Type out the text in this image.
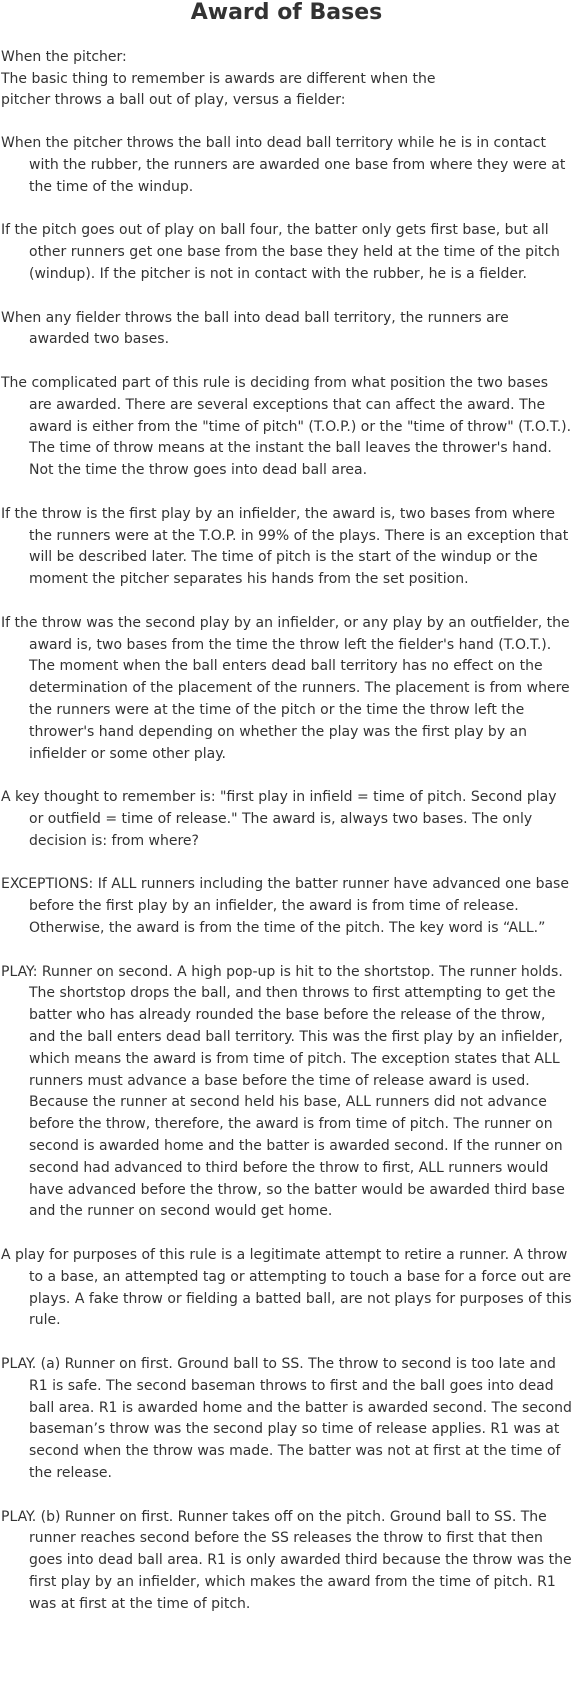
Award of Bases
When the pitcher:
The basic thing to remember is awards are different when the
pitcher throws a ball out of play, versus a fielder:

When the pitcher throws the ball into dead ball territory while he is in contact with the rubber, the runners are awarded one base from where they were at the time of the windup.

If the pitch goes out of play on ball four, the batter only gets first base, but all other runners get one base from the base they held at the time of the pitch (windup). If the pitcher is not in contact with the rubber, he is a fielder.

When any fielder throws the ball into dead ball territory, the runners are awarded two bases.

The complicated part of this rule is deciding from what position the two bases are awarded. There are several exceptions that can affect the award. The award is either from the "time of pitch" (T.O.P.) or the "time of throw" (T.O.T.). The time of throw means at the instant the ball leaves the thrower's hand. Not the time the throw goes into dead ball area.

If the throw is the first play by an infielder, the award is, two bases from where the runners were at the T.O.P. in 99% of the plays. There is an exception that will be described later. The time of pitch is the start of the windup or the moment the pitcher separates his hands from the set position.

If the throw was the second play by an infielder, or any play by an outfielder, the award is, two bases from the time the throw left the fielder's hand (T.O.T.). The moment when the ball enters dead ball territory has no effect on the determination of the placement of the runners. The placement is from where the runners were at the time of the pitch or the time the throw left the thrower's hand depending on whether the play was the first play by an infielder or some other play.

A key thought to remember is: "first play in infield = time of pitch. Second play or outfield = time of release." The award is, always two bases. The only decision is: from where?

EXCEPTIONS: If ALL runners including the batter runner have advanced one base before the first play by an infielder, the award is from time of release. Otherwise, the award is from the time of the pitch. The key word is “ALL.”

PLAY: Runner on second. A high pop-up is hit to the shortstop. The runner holds. The shortstop drops the ball, and then throws to first attempting to get the batter who has already rounded the base before the release of the throw, and the ball enters dead ball territory. This was the first play by an infielder, which means the award is from time of pitch. The exception states that ALL runners must advance a base before the time of release award is used. Because the runner at second held his base, ALL runners did not advance before the throw, therefore, the award is from time of pitch. The runner on second is awarded home and the batter is awarded second. If the runner on second had advanced to third before the throw to first, ALL runners would have advanced before the throw, so the batter would be awarded third base and the runner on second would get home.

A play for purposes of this rule is a legitimate attempt to retire a runner. A throw to a base, an attempted tag or attempting to touch a base for a force out are plays. A fake throw or fielding a batted ball, are not plays for purposes of this rule.

PLAY. (a) Runner on first. Ground ball to SS. The throw to second is too late and R1 is safe. The second baseman throws to first and the ball goes into dead ball area. R1 is awarded home and the batter is awarded second. The second baseman’s throw was the second play so time of release applies. R1 was at second when the throw was made. The batter was not at first at the time of the release.

PLAY. (b) Runner on first. Runner takes off on the pitch. Ground ball to SS. The runner reaches second before the SS releases the throw to first that then goes into dead ball area. R1 is only awarded third because the throw was the first play by an infielder, which makes the award from the time of pitch. R1 was at first at the time of pitch.
